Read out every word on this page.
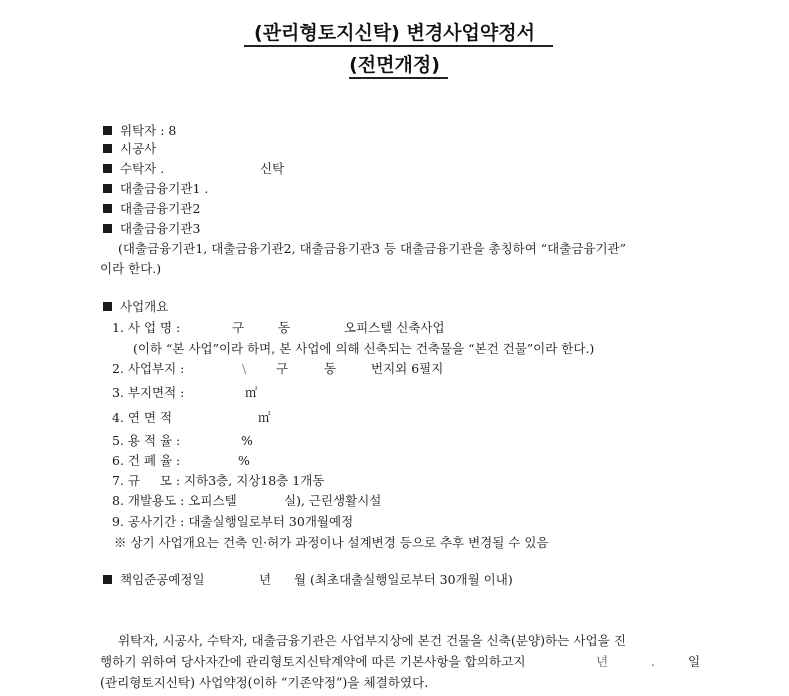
(관리형토지신탁) 변경사업약정서
(전면개정)
위탁자 : 8
시공사
수탁자 .	신탁
대출금융기관1 .
대출금융기관2
대출금융기관3
(대출금융기관1, 대출금융기관2, 대출금융기관3 등 대출금융기관을 총칭하여 “대출금융기관”
이라 한다.)
사업개요
1. 사 업 명 :	구	동	오피스텔 신축사업
(이하 “본 사업”이라 하며, 본 사업에 의해 신축되는 건축물을 “본건 건물”이라 한다.)
2. 사업부지 :	\ 구	동	번지외 6필지
3. 부지면적 :	㎡
4. 연 면 적	㎡
5. 용 적 율 :	%
6. 건 폐 율 :	%
7. 규     모 : 지하3층, 지상18층 1개동
8. 개발용도 : 오피스텔	실), 근린생활시설
9. 공사기간 : 대출실행일로부터 30개월예정
※ 상기 사업개요는 건축 인·허가 과정이나 설계변경 등으로 추후 변경될 수 있음
책임준공예정일	년 월 (최초대출실행일로부터 30개월 이내)
위탁자, 시공사, 수탁자, 대출금융기관은 사업부지상에 본건 건물을 신축(분양)하는 사업을 진
행하기 위하여 당사자간에 관리형토지신탁계약에 따른 기본사항을 합의하고지	년	.	일
(관리형토지신탁) 사업약정(이하 “기존약정”)을 체결하였다.
